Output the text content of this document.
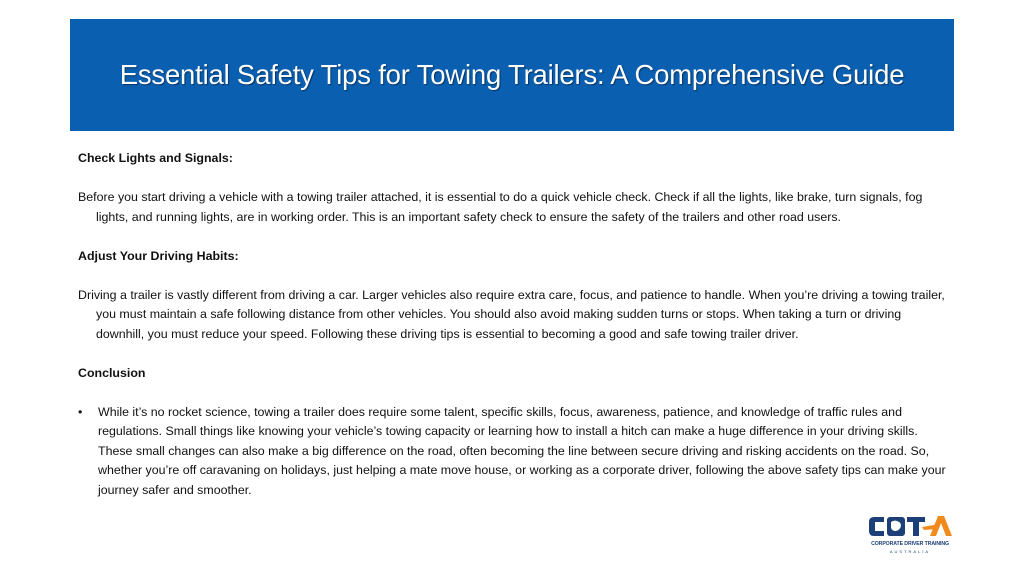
Essential Safety Tips for Towing Trailers: A Comprehensive Guide

Check Lights and Signals:

Before you start driving a vehicle with a towing trailer attached, it is essential to do a quick vehicle check. Check if all the lights, like brake, turn signals, fog lights, and running lights, are in working order. This is an important safety check to ensure the safety of the trailers and other road users.

Adjust Your Driving Habits:

Driving a trailer is vastly different from driving a car. Larger vehicles also require extra care, focus, and patience to handle. When you’re driving a towing trailer, you must maintain a safe following distance from other vehicles. You should also avoid making sudden turns or stops. When taking a turn or driving downhill, you must reduce your speed. Following these driving tips is essential to becoming a good and safe towing trailer driver.

Conclusion

•	While it’s no rocket science, towing a trailer does require some talent, specific skills, focus, awareness, patience, and knowledge of traffic rules and regulations. Small things like knowing your vehicle’s towing capacity or learning how to install a hitch can make a huge difference in your driving skills. These small changes can also make a big difference on the road, often becoming the line between secure driving and risking accidents on the road. So, whether you’re off caravaning on holidays, just helping a mate move house, or working as a corporate driver, following the above safety tips can make your journey safer and smoother.
CORPORATE DRIVER TRAINING
AUSTRALIA
